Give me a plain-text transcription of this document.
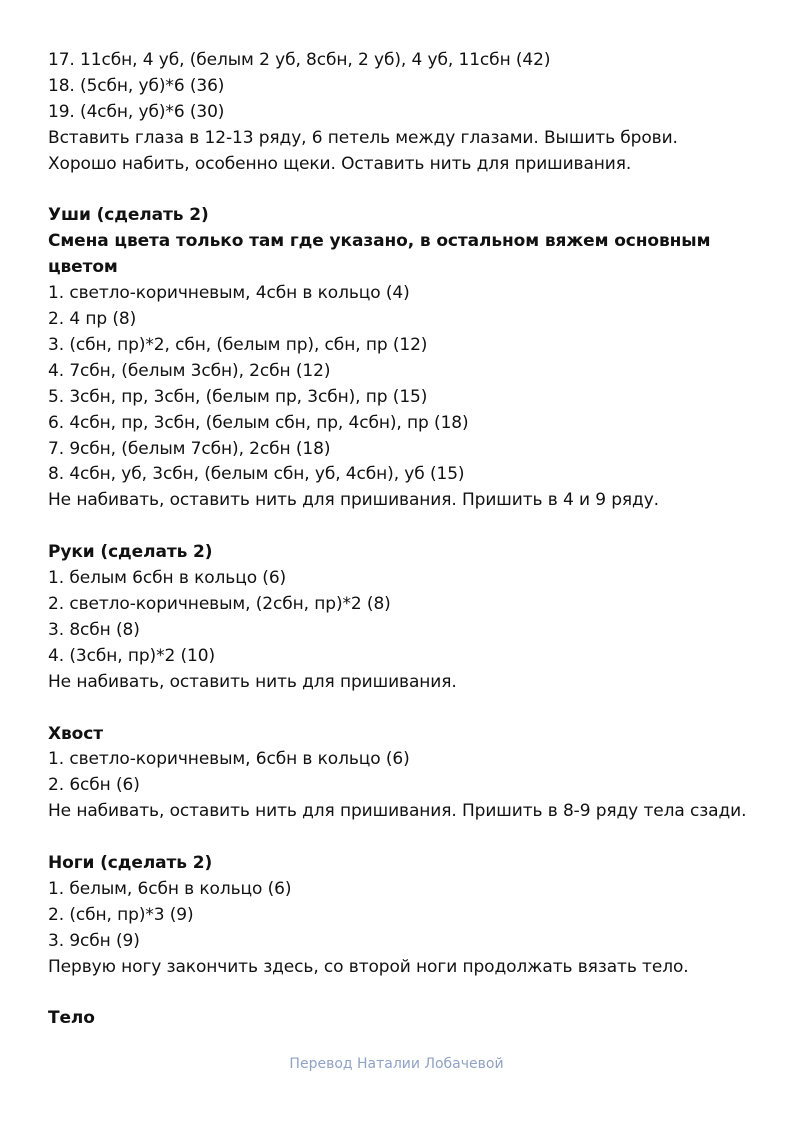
17. 11сбн, 4 уб, (белым 2 уб, 8сбн, 2 уб), 4 уб, 11сбн (42)
18. (5сбн, уб)*6 (36)
19. (4сбн, уб)*6 (30)
Вставить глаза в 12-13 ряду, 6 петель между глазами. Вышить брови.
Хорошо набить, особенно щеки. Оставить нить для пришивания.
Уши (сделать 2)
Смена цвета только там где указано, в остальном вяжем основным
цветом
1. светло-коричневым, 4сбн в кольцо (4)
2. 4 пр (8)
3. (сбн, пр)*2, сбн, (белым пр), сбн, пр (12)
4. 7сбн, (белым 3сбн), 2сбн (12)
5. 3сбн, пр, 3сбн, (белым пр, 3сбн), пр (15)
6. 4сбн, пр, 3сбн, (белым сбн, пр, 4сбн), пр (18)
7. 9сбн, (белым 7сбн), 2сбн (18)
8. 4сбн, уб, 3сбн, (белым сбн, уб, 4сбн), уб (15)
Не набивать, оставить нить для пришивания. Пришить в 4 и 9 ряду.
Руки (сделать 2)
1. белым 6сбн в кольцо (6)
2. светло-коричневым, (2сбн, пр)*2 (8)
3. 8сбн (8)
4. (3сбн, пр)*2 (10)
Не набивать, оставить нить для пришивания.
Хвост
1. светло-коричневым, 6сбн в кольцо (6)
2. 6сбн (6)
Не набивать, оставить нить для пришивания. Пришить в 8-9 ряду тела сзади.
Ноги (сделать 2)
1. белым, 6сбн в кольцо (6)
2. (сбн, пр)*3 (9)
3. 9сбн (9)
Первую ногу закончить здесь, со второй ноги продолжать вязать тело.
Тело
Перевод Наталии Лобачевой
